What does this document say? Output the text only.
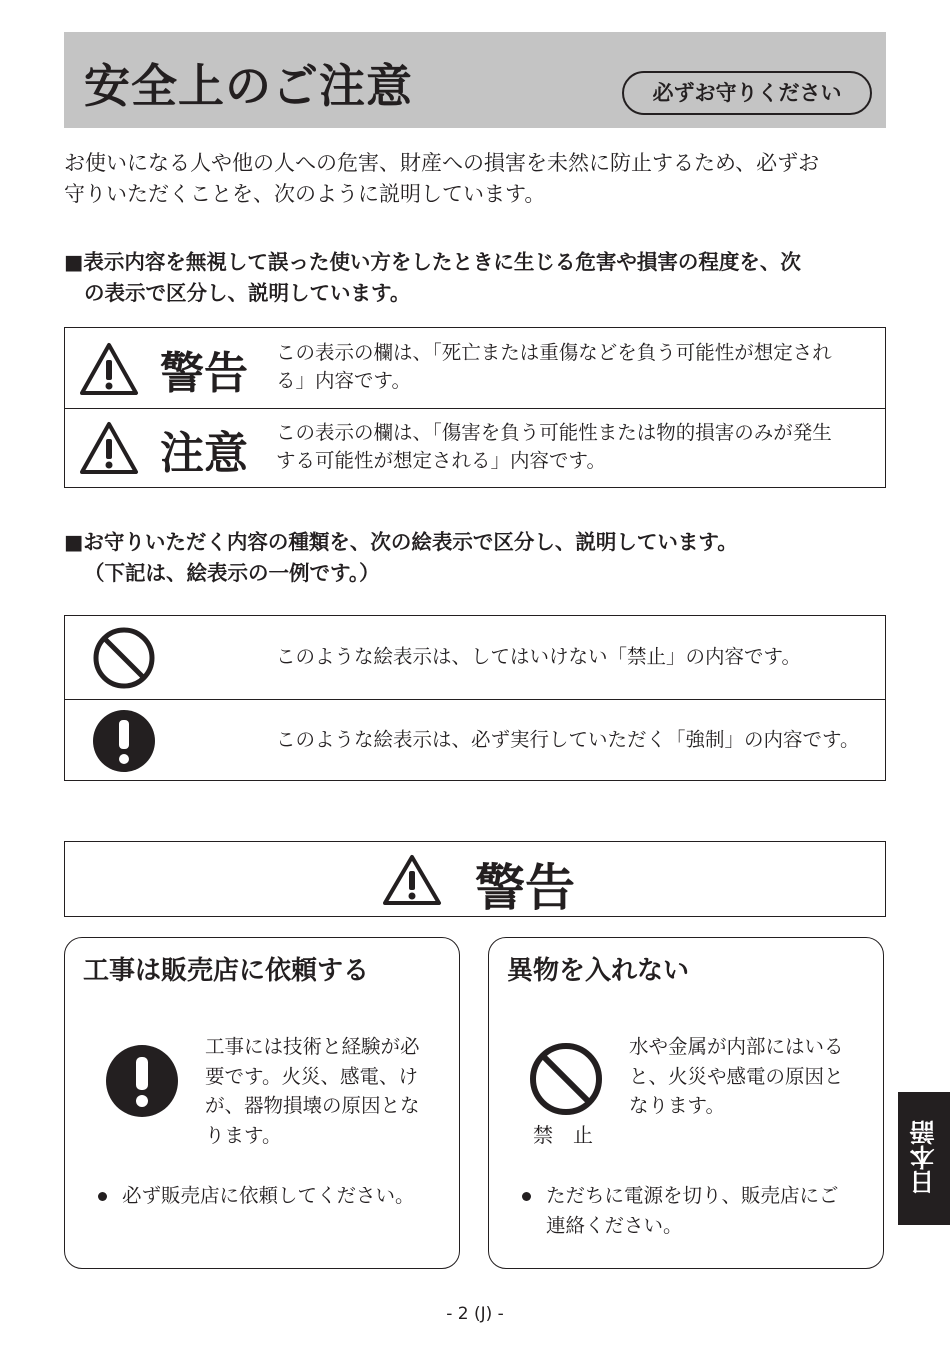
安全上のご注意	必ずお守りください
お使いになる人や他の人への危害、財産への損害を未然に防止するため、必ずお
守りいただくことを、次のように説明しています。
■表示内容を無視して誤った使い方をしたときに生じる危害や損害の程度を、次
の表示で区分し、説明しています。
警告 この表示の欄は、「死亡または重傷などを負う可能性が想定され
る」内容です。
注意 この表示の欄は、「傷害を負う可能性または物的損害のみが発生
する可能性が想定される」内容です。
■お守りいただく内容の種類を、次の絵表示で区分し、説明しています。
（下記は、絵表示の一例です。）
このような絵表示は、してはいけない「禁止」の内容です。
このような絵表示は、必ず実行していただく「強制」の内容です。
警告
工事は販売店に依頼する
工事には技術と経験が必
要です。火災、感電、け
が、器物損壊の原因とな
ります。
必ず販売店に依頼してください。
異物を入れない
禁　止
水や金属が内部にはいる
と、火災や感電の原因と
なります。
ただちに電源を切り、販売店にご
連絡ください。
日本語
- 2 (J) -
